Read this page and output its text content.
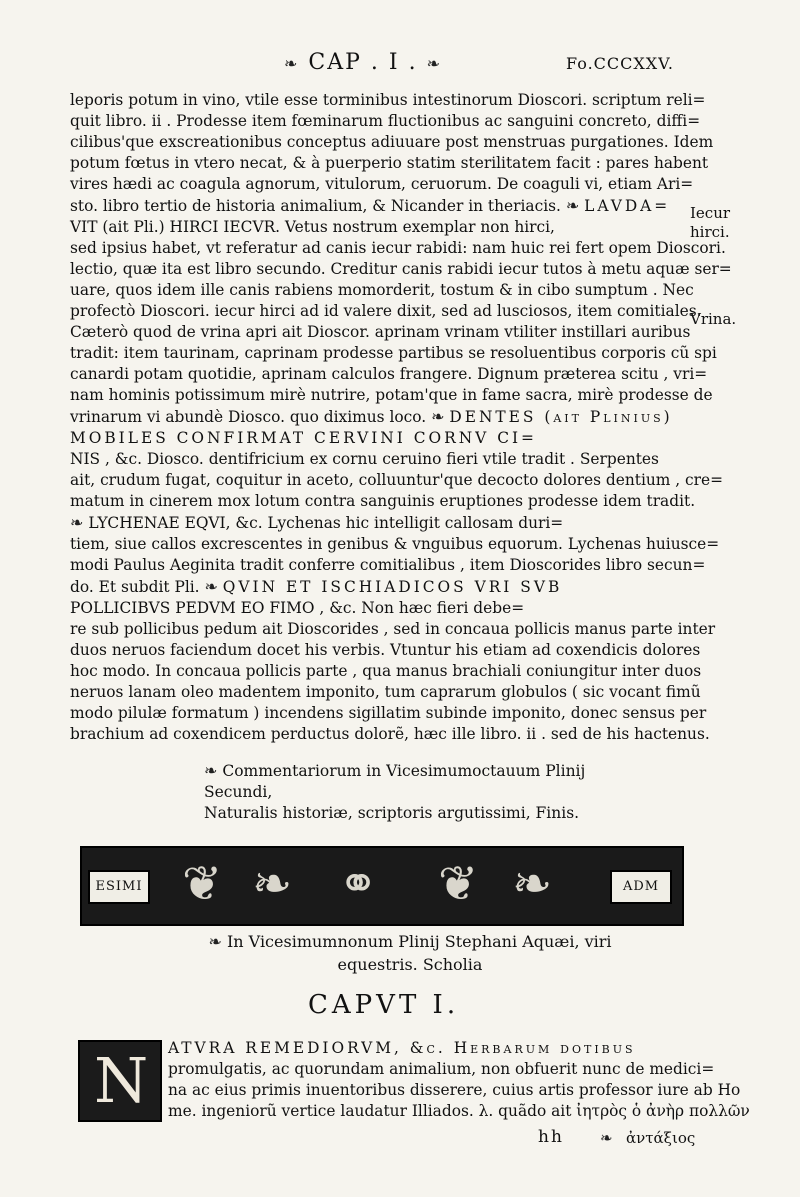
❧ CAP . I . ❧	Fo.CCCXXV.
leporis potum in vino, vtile esse torminibus intestinorum Dioscori. scriptum reli=
quit libro. ii . Prodesse item fœminarum fluctionibus ac sanguini concreto, diffi=
cilibus'que exscreationibus conceptus adiuuare post menstruas purgationes. Idem
potum fœtus in vtero necat, & à puerperio statim sterilitatem facit : pares habent
vires hædi ac coagula agnorum, vitulorum, ceruorum. De coaguli vi, etiam Ari=
sto. libro tertio de historia animalium, & Nicander in theriacis. ❧ LAVDA=
VIT (ait Pli.) HIRCI IECVR. Vetus nostrum exemplar non hirci,
sed ipsius habet, vt referatur ad canis iecur rabidi: nam huic rei fert opem Dioscori.
lectio, quæ ita est libro secundo. Creditur canis rabidi iecur tutos à metu aquæ ser=
uare, quos idem ille canis rabiens momorderit, tostum & in cibo sumptum . Nec
profectò Dioscori. iecur hirci ad id valere dixit, sed ad lusciosos, item comitiales.
Cæterò quod de vrina apri ait Dioscor. aprinam vrinam vtiliter instillari auribus
tradit: item taurinam, caprinam prodesse partibus se resoluentibus corporis cũ spi
canardi potam quotidie, aprinam calculos frangere. Dignum præterea scitu , vri=
nam hominis potissimum mirè nutrire, potam'que in fame sacra, mirè prodesse de
vrinarum vi abundè Diosco. quo diximus loco. ❧ DENTES (ait Plinius)
MOBILES CONFIRMAT CERVINI CORNV CI=
NIS , &c. Diosco. dentifricium ex cornu ceruino fieri vtile tradit . Serpentes
ait, crudum fugat, coquitur in aceto, colluuntur'que decocto dolores dentium , cre=
matum in cinerem mox lotum contra sanguinis eruptiones prodesse idem tradit.
❧ LYCHENAE EQVI, &c. Lychenas hic intelligit callosam duri=
tiem, siue callos excrescentes in genibus & vnguibus equorum. Lychenas huiusce=
modi Paulus Aeginita tradit conferre comitialibus , item Dioscorides libro secun=
do. Et subdit Pli. ❧ QVIN ET ISCHIADICOS VRI SVB
POLLICIBVS PEDVM EO FIMO , &c. Non hæc fieri debe=
re sub pollicibus pedum ait Dioscorides , sed in concaua pollicis manus parte inter
duos neruos faciendum docet his verbis. Vtuntur his etiam ad coxendicis dolores
hoc modo. In concaua pollicis parte , qua manus brachiali coniungitur inter duos
neruos lanam oleo madentem imponito, tum caprarum globulos ( sic vocant fimũ
modo pilulæ formatum ) incendens sigillatim subinde imponito, donec sensus per
brachium ad coxendicem perductus dolorẽ, hæc ille libro. ii . sed de his hactenus.
Iecur
hirci.
Vrina.
❧ Commentariorum in Vicesimumoctauum Plinij Secundi,
Naturalis historiæ, scriptoris argutissimi, Finis.
ESIMI ❦ ❧ ⚭ ❦ ❧	ADM
❧ In Vicesimumnonum Plinij Stephani Aquæi, viri
equestris. Scholia
CAPVT I.
N ATVRA REMEDIORVM, &c. Herbarum dotibus
promulgatis, ac quorundam animalium, non obfuerit nunc de medici=
na ac eius primis inuentoribus disserere, cuius artis professor iure ab Ho
me. ingeniorũ vertice laudatur Illiados. λ. quãdo ait ἰητρὸς ὁ ἀνὴρ πολλῶν
hh ❧ ἀντάξιος
